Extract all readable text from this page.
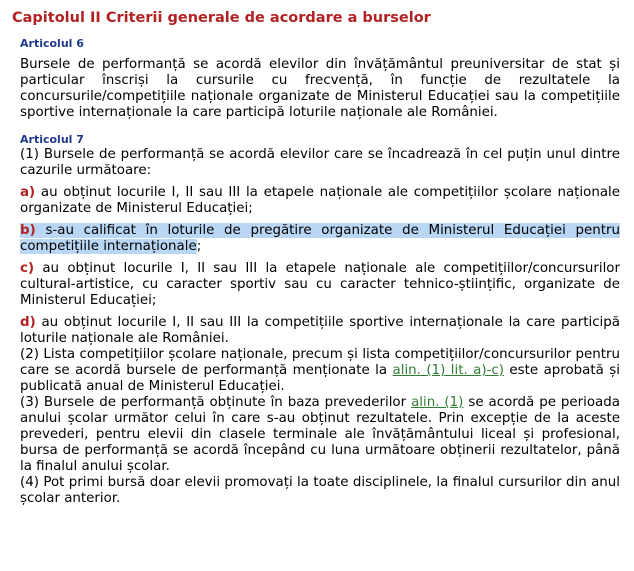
Capitolul II Criterii generale de acordare a burselor
Articolul 6

Bursele de performanță se acordă elevilor din învățământul preuniversitar de stat și particular înscriși la cursurile cu frecvență, în funcție de rezultatele la concursurile/competițiile naționale organizate de Ministerul Educației sau la competițiile sportive internaționale la care participă loturile naționale ale României.

Articolul 7

(1) Bursele de performanță se acordă elevilor care se încadrează în cel puțin unul dintre cazurile următoare:

a) au obținut locurile I, II sau III la etapele naționale ale competițiilor școlare naționale organizate de Ministerul Educației;

b) s-au calificat în loturile de pregătire organizate de Ministerul Educației pentru competițiile internaționale;

c) au obținut locurile I, II sau III la etapele naționale ale competițiilor/concursurilor cultural-artistice, cu caracter sportiv sau cu caracter tehnico-științific, organizate de Ministerul Educației;

d) au obținut locurile I, II sau III la competițiile sportive internaționale la care participă loturile naționale ale României.

(2) Lista competițiilor școlare naționale, precum și lista competițiilor/concursurilor pentru care se acordă bursele de performanță menționate la alin. (1) lit. a)-c) este aprobată și publicată anual de Ministerul Educației.

(3) Bursele de performanță obținute în baza prevederilor alin. (1) se acordă pe perioada anului școlar următor celui în care s-au obținut rezultatele. Prin excepție de la aceste prevederi, pentru elevii din clasele terminale ale învățământului liceal și profesional, bursa de performanță se acordă începând cu luna următoare obținerii rezultatelor, până la finalul anului școlar.

(4) Pot primi bursă doar elevii promovați la toate disciplinele, la finalul cursurilor din anul școlar anterior.
